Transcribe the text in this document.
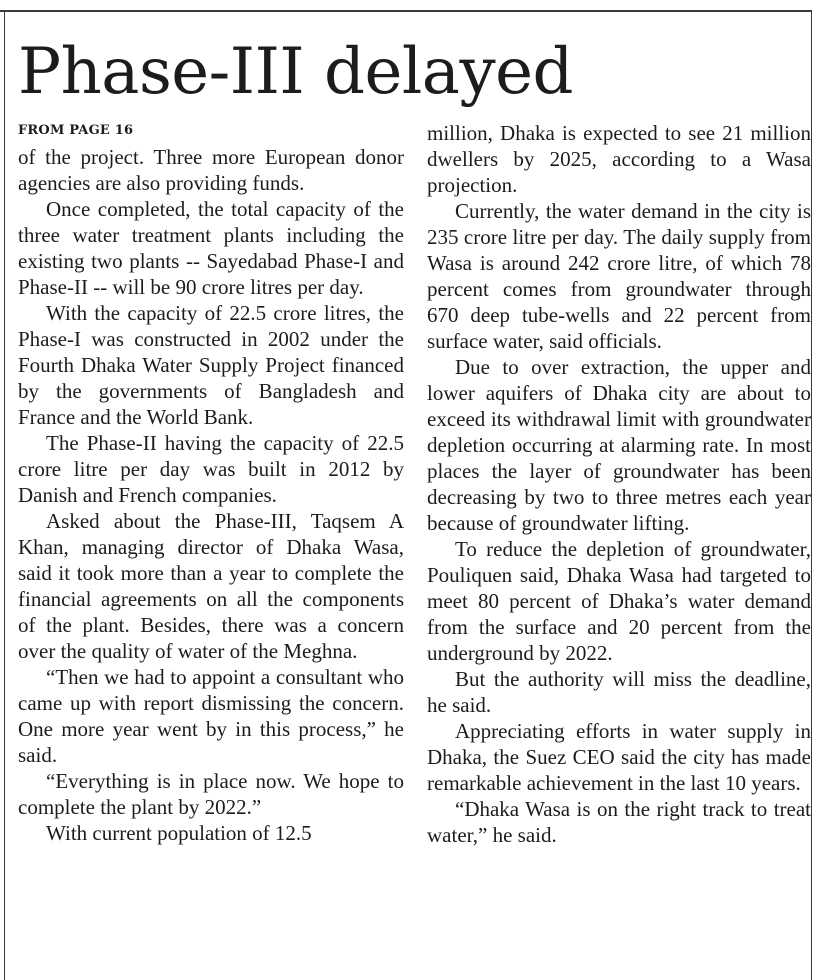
Phase-III delayed
FROM PAGE 16

of the project. Three more European donor agencies are also providing funds.

Once completed, the total capacity of the three water treatment plants including the existing two plants -- Sayedabad Phase-I and Phase-II -- will be 90 crore litres per day.

With the capacity of 22.5 crore litres, the Phase-I was constructed in 2002 under the Fourth Dhaka Water Supply Project financed by the governments of Bangladesh and France and the World Bank.

The Phase-II having the capacity of 22.5 crore litre per day was built in 2012 by Danish and French companies.

Asked about the Phase-III, Taqsem A Khan, managing director of Dhaka Wasa, said it took more than a year to complete the financial agreements on all the components of the plant. Besides, there was a concern over the quality of water of the Meghna.

“Then we had to appoint a consultant who came up with report dismissing the concern. One more year went by in this process,” he said.

“Everything is in place now. We hope to complete the plant by 2022.”

With current population of 12.5

million, Dhaka is expected to see 21 million dwellers by 2025, according to a Wasa projection.

Currently, the water demand in the city is 235 crore litre per day. The daily supply from Wasa is around 242 crore litre, of which 78 percent comes from groundwater through 670 deep tube-wells and 22 percent from surface water, said officials.

Due to over extraction, the upper and lower aquifers of Dhaka city are about to exceed its withdrawal limit with groundwater depletion occurring at alarming rate. In most places the layer of groundwater has been decreasing by two to three metres each year because of groundwater lifting.

To reduce the depletion of groundwater, Pouliquen said, Dhaka Wasa had targeted to meet 80 percent of Dhaka’s water demand from the surface and 20 percent from the underground by 2022.

But the authority will miss the deadline, he said.

Appreciating efforts in water supply in Dhaka, the Suez CEO said the city has made remarkable achievement in the last 10 years.

“Dhaka Wasa is on the right track to treat water,” he said.
